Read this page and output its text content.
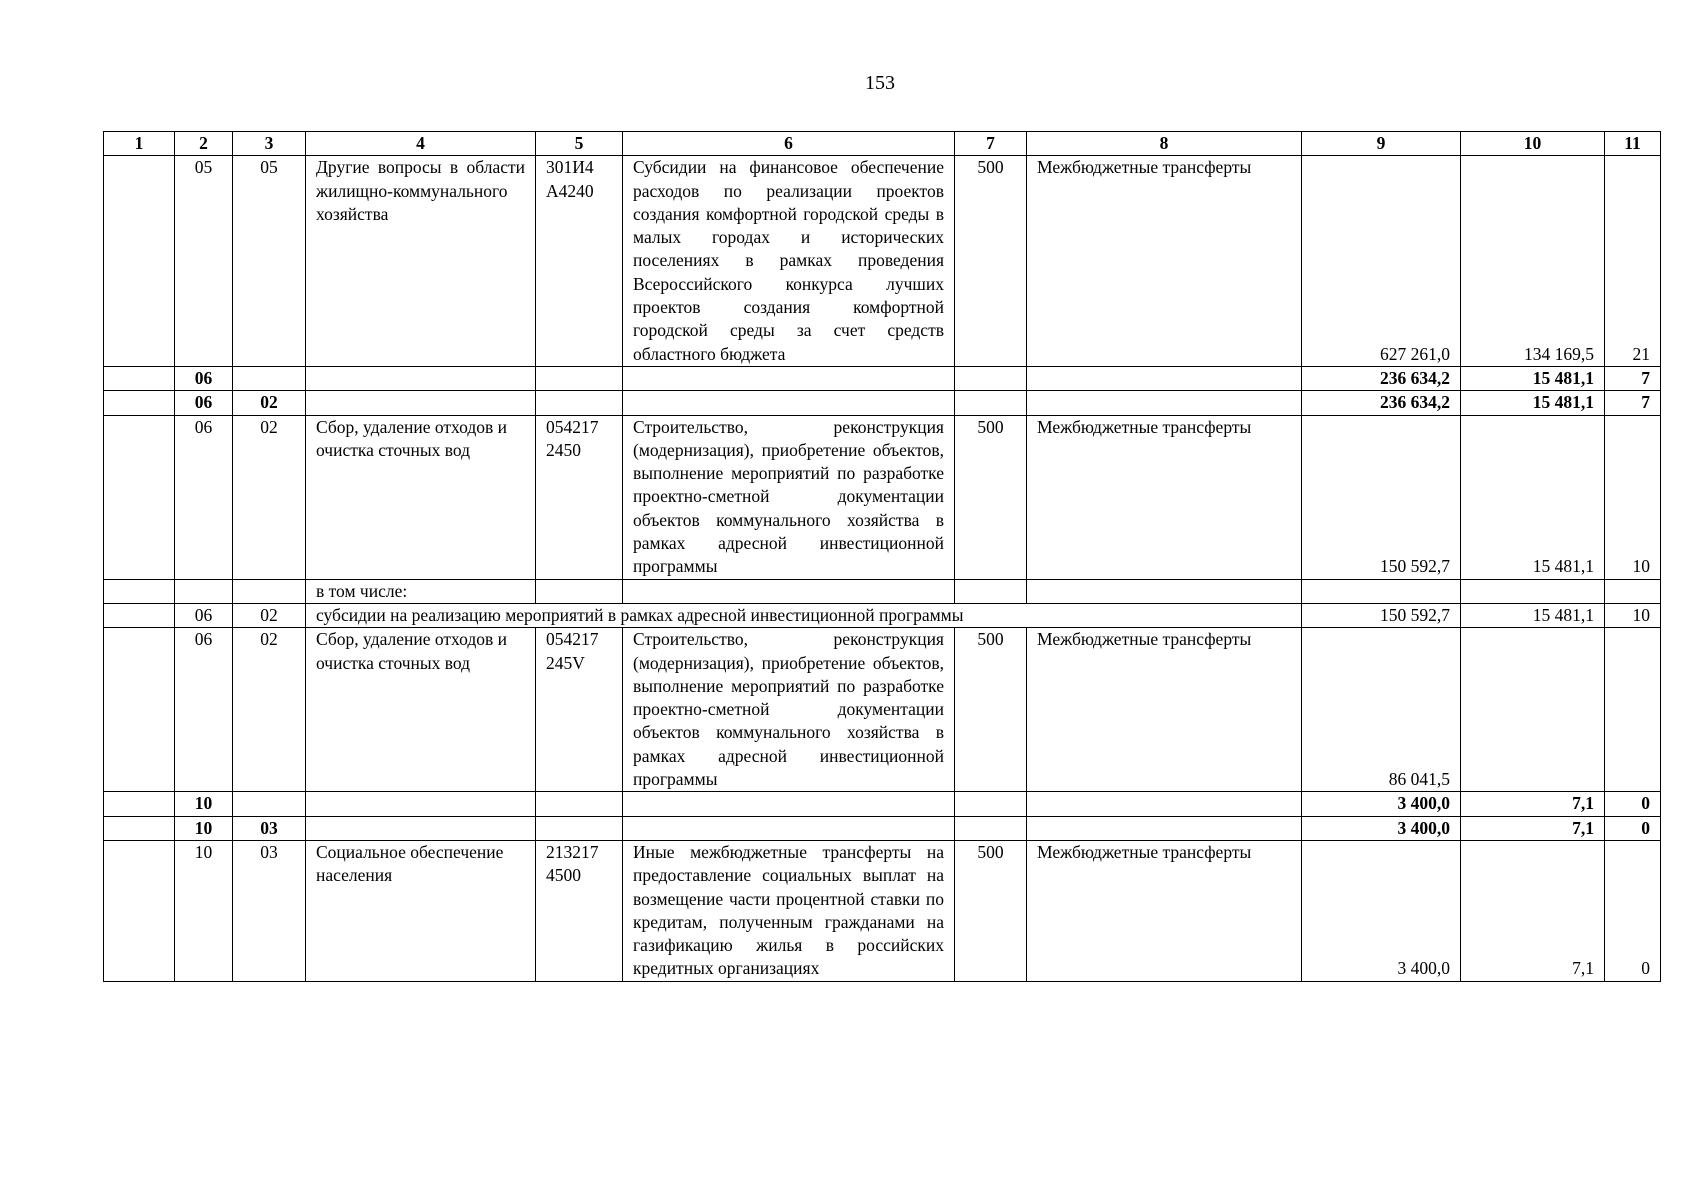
153
1	2	3	4	5	6	7	8	9	10	11
	05	05	Другие вопросы в области жилищно-коммунального хозяйства	301И4 А4240	Субсидии на финансовое обеспечение расходов по реализации проектов создания комфортной городской среды в малых городах и исторических поселениях в рамках проведения Всероссийского конкурса лучших проектов создания комфортной городской среды за счет средств областного бюджета	500	Межбюджетные трансферты	627 261,0	134 169,5	21
	06							236 634,2	15 481,1	7
	06	02						236 634,2	15 481,1	7
	06	02	Сбор, удаление отходов и очистка сточных вод	054217 2450	Строительство, реконструкция (модернизация), приобретение объектов, выполнение мероприятий по разработке проектно-сметной документации объектов коммунального хозяйства в рамках адресной инвестиционной программы	500	Межбюджетные трансферты	150 592,7	15 481,1	10
			в том числе:							
	06	02	субсидии на реализацию мероприятий в рамках адресной инвестиционной программы					150 592,7	15 481,1	10
	06	02	Сбор, удаление отходов и очистка сточных вод	054217 245V	Строительство, реконструкция (модернизация), приобретение объектов, выполнение мероприятий по разработке проектно-сметной документации объектов коммунального хозяйства в рамках адресной инвестиционной программы	500	Межбюджетные трансферты	86 041,5		
	10							3 400,0	7,1	0
	10	03						3 400,0	7,1	0
	10	03	Социальное обеспечение населения	213217 4500	Иные межбюджетные трансферты на предоставление социальных выплат на возмещение части процентной ставки по кредитам, полученным гражданами на газификацию жилья в российских кредитных организациях	500	Межбюджетные трансферты	3 400,0	7,1	0
